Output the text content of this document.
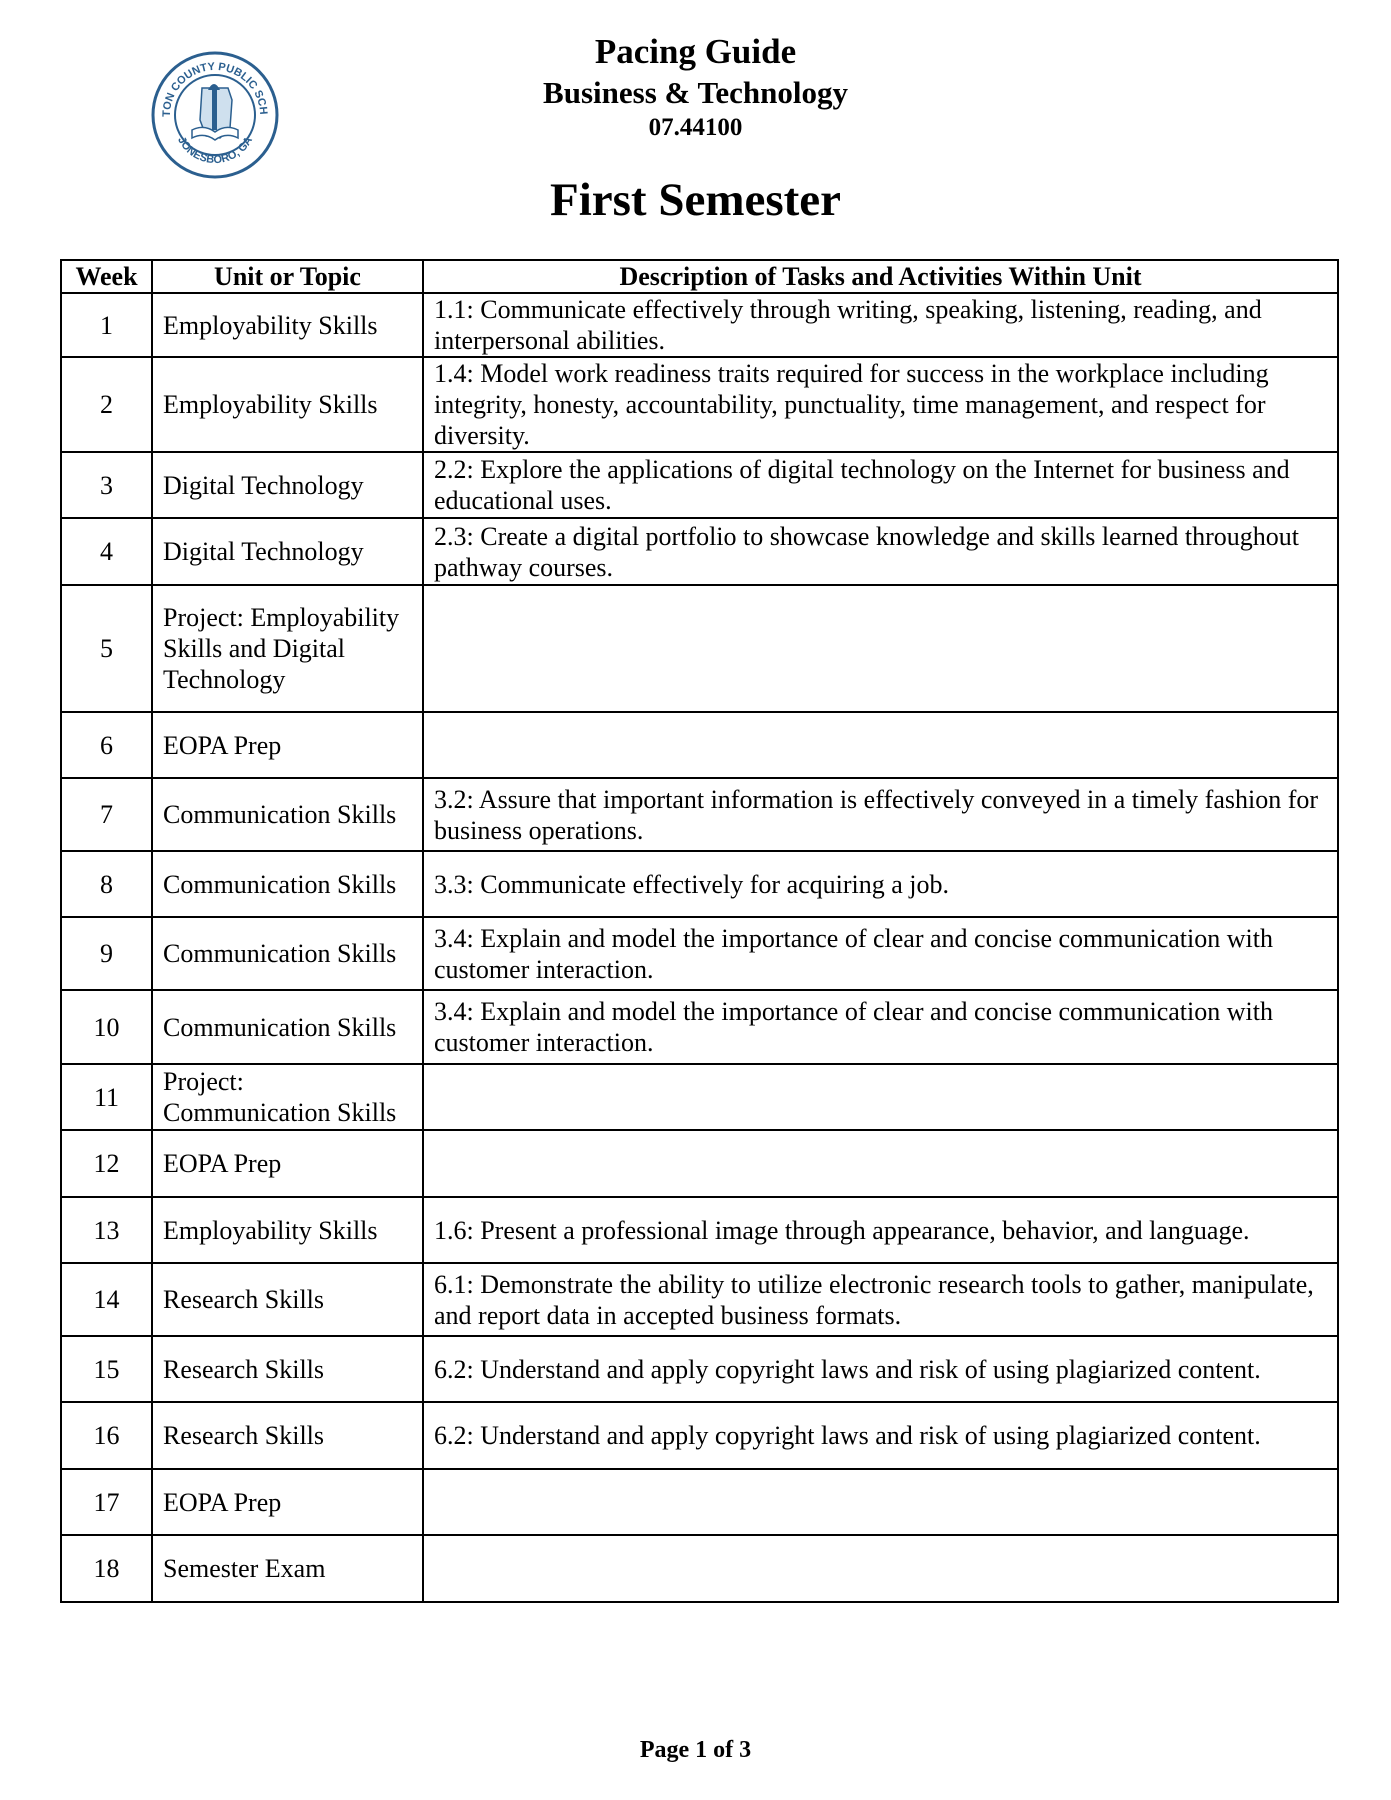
TON COUNTY PUBLIC SCH
JONESBORO, GA
Pacing Guide
Business & Technology
07.44100
First Semester
Week	Unit or Topic	Description of Tasks and Activities Within Unit
1	Employability Skills	1.1: Communicate effectively through writing, speaking, listening, reading, and interpersonal abilities.
2	Employability Skills	1.4: Model work readiness traits required for success in the workplace including integrity, honesty, accountability, punctuality, time management, and respect for diversity.
3	Digital Technology	2.2: Explore the applications of digital technology on the Internet for business and educational uses.
4	Digital Technology	2.3: Create a digital portfolio to showcase knowledge and skills learned throughout pathway courses.
5	Project: Employability Skills and Digital Technology	
6	EOPA Prep	
7	Communication Skills	3.2: Assure that important information is effectively conveyed in a timely fashion for business operations.
8	Communication Skills	3.3: Communicate effectively for acquiring a job.
9	Communication Skills	3.4: Explain and model the importance of clear and concise communication with customer interaction.
10	Communication Skills	3.4: Explain and model the importance of clear and concise communication with customer interaction.
11	Project: Communication Skills	
12	EOPA Prep	
13	Employability Skills	1.6: Present a professional image through appearance, behavior, and language.
14	Research Skills	6.1: Demonstrate the ability to utilize electronic research tools to gather, manipulate, and report data in accepted business formats.
15	Research Skills	6.2: Understand and apply copyright laws and risk of using plagiarized content.
16	Research Skills	6.2: Understand and apply copyright laws and risk of using plagiarized content.
17	EOPA Prep	
18	Semester Exam	
Page 1 of 3
